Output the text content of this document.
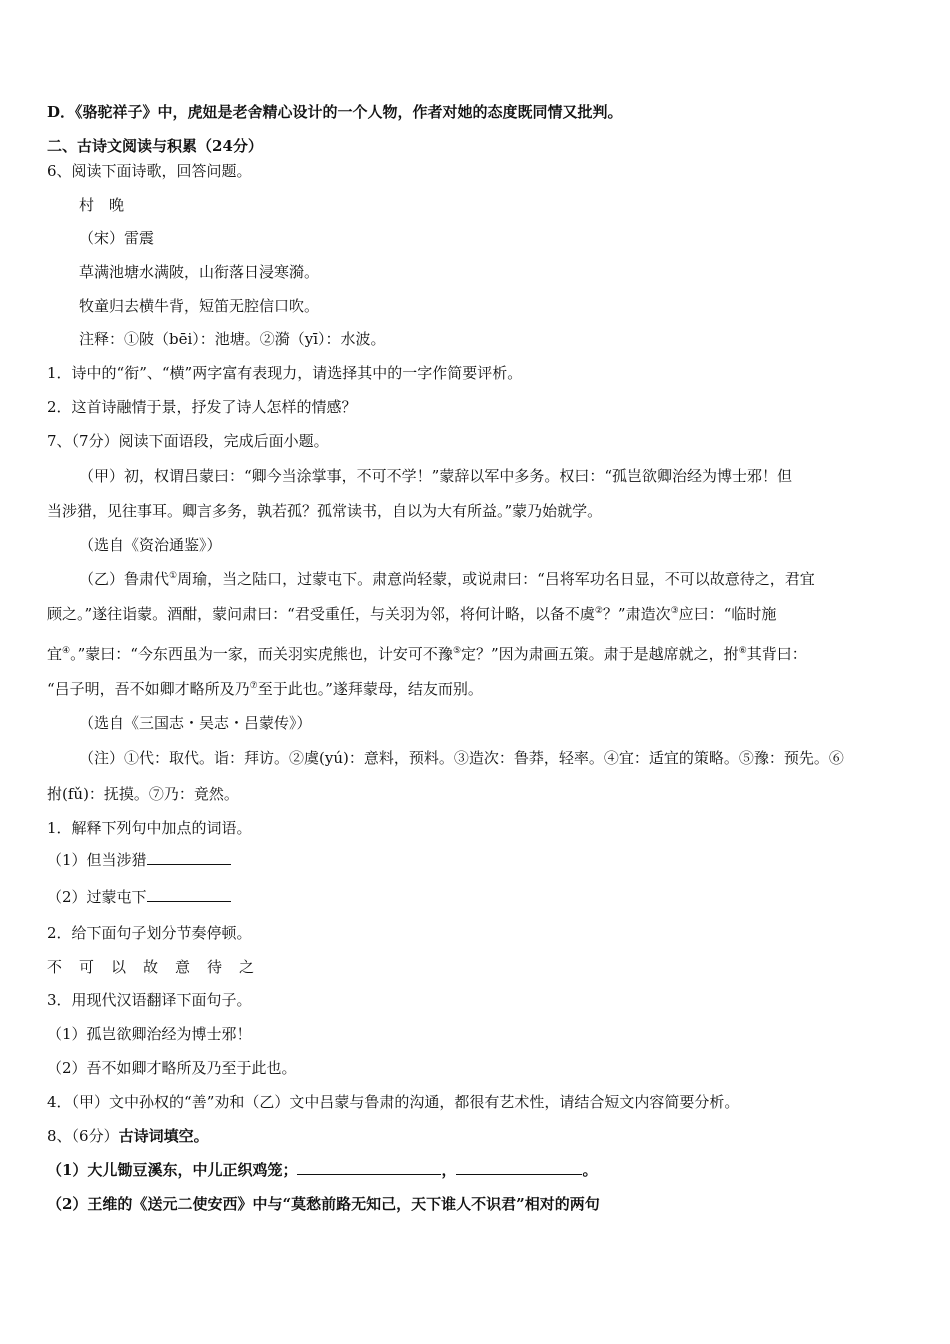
D．《骆驼祥子》中，虎妞是老舍精心设计的一个人物，作者对她的态度既同情又批判。
二、古诗文阅读与积累（24分）
6、阅读下面诗歌，回答问题。
村　晚
（宋）雷震
草满池塘水满陂，山衔落日浸寒漪。
牧童归去横牛背，短笛无腔信口吹。
注释：①陂（bēi）：池塘。②漪（yī）：水波。
1．诗中的“衔”、“横”两字富有表现力，请选择其中的一字作简要评析。
2．这首诗融情于景，抒发了诗人怎样的情感？
7、（7分）阅读下面语段，完成后面小题。
（甲）初，权谓吕蒙曰：“卿今当涂掌事，不可不学！”蒙辞以军中多务。权曰：“孤岂欲卿治经为博士邪！但
当涉猎，见往事耳。卿言多务，孰若孤？孤常读书，自以为大有所益。”蒙乃始就学。
（选自《资治通鉴》）
（乙）鲁肃代①周瑜，当之陆口，过蒙屯下。肃意尚轻蒙，或说肃曰：“吕将军功名日显，不可以故意待之，君宜
顾之。”遂往诣蒙。酒酣，蒙问肃曰：“君受重任，与关羽为邻，将何计略，以备不虞②？”肃造次③应曰：“临时施
宜④。”蒙曰：“今东西虽为一家，而关羽实虎熊也，计安可不豫⑤定？”因为肃画五策。肃于是越席就之，拊⑥其背曰：
“吕子明，吾不如卿才略所及乃⑦至于此也。”遂拜蒙母，结友而别。
（选自《三国志・吴志・吕蒙传》）
（注）①代：取代。诣：拜访。②虞(yú)：意料，预料。③造次：鲁莽，轻率。④宜：适宜的策略。⑤豫：预先。⑥
拊(fǔ)：抚摸。⑦乃：竟然。
1．解释下列句中加点的词语。
（1）但当涉猎
（2）过蒙屯下
2．给下面句子划分节奏停顿。
不可以故意待之
3．用现代汉语翻译下面句子。
（1）孤岂欲卿治经为博士邪！
（2）吾不如卿才略所及乃至于此也。
4．（甲）文中孙权的“善”劝和（乙）文中吕蒙与鲁肃的沟通，都很有艺术性，请结合短文内容简要分析。
8、（6分）古诗词填空。
（1）大儿锄豆溪东，中儿正织鸡笼；	，	。
（2）王维的《送元二使安西》中与“莫愁前路无知己，天下谁人不识君”相对的两句
